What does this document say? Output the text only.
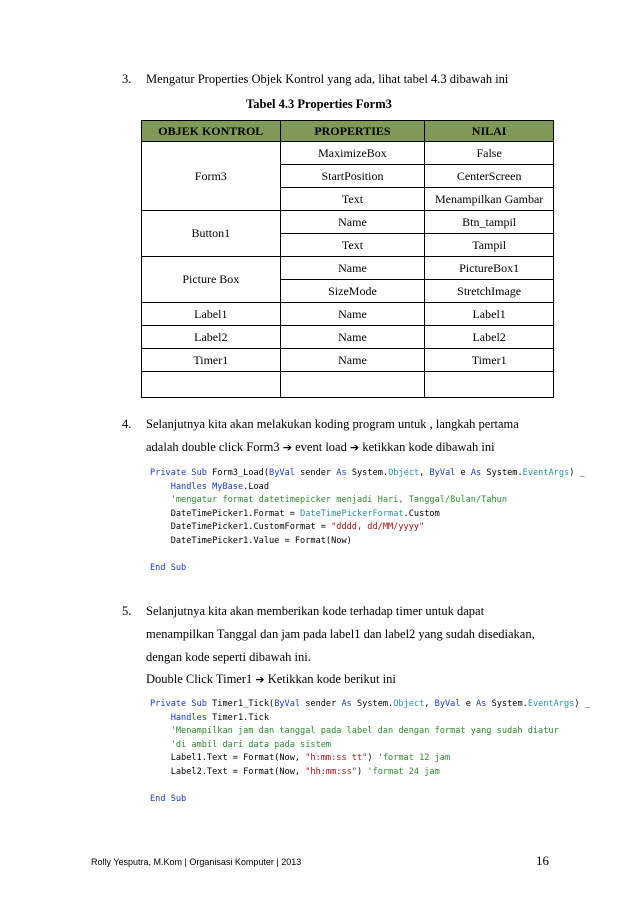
3. Mengatur Properties Objek Kontrol yang ada, lihat tabel 4.3 dibawah ini
Tabel 4.3 Properties Form3
OBJEK KONTROL	PROPERTIES	NILAI
Form3	MaximizeBox	False
	StartPosition	CenterScreen
	Text	Menampilkan Gambar
Button1	Name	Btn_tampil
	Text	Tampil
Picture Box	Name	PictureBox1
	SizeMode	StretchImage
Label1	Name	Label1
Label2	Name	Label2
Timer1	Name	Timer1

4. Selanjutnya kita akan melakukan koding program untuk , langkah pertama
adalah double click Form3 ➔ event load ➔ ketikkan kode dibawah ini
Private Sub Form3_Load(ByVal sender As System.Object, ByVal e As System.EventArgs) _
Handles MyBase.Load
'mengatur format datetimepicker menjadi Hari, Tanggal/Bulan/Tahun
DateTimePicker1.Format = DateTimePickerFormat.Custom
DateTimePicker1.CustomFormat = "dddd, dd/MM/yyyy"
DateTimePicker1.Value = Format(Now)

End Sub
5. Selanjutnya kita akan memberikan kode terhadap timer untuk dapat
menampilkan Tanggal dan jam pada label1 dan label2 yang sudah disediakan,
dengan kode seperti dibawah ini.
Double Click Timer1 ➔ Ketikkan kode berikut ini
Private Sub Timer1_Tick(ByVal sender As System.Object, ByVal e As System.EventArgs) _
Handles Timer1.Tick
'Menampilkan jam dan tanggal pada label dan dengan format yang sudah diatur
'di ambil dari data pada sistem
Label1.Text = Format(Now, "h:mm:ss tt") 'format 12 jam
Label2.Text = Format(Now, "hh:mm:ss") 'format 24 jam

End Sub
Rolly Yesputra, M.Kom | Organisasi Komputer | 2013	16
